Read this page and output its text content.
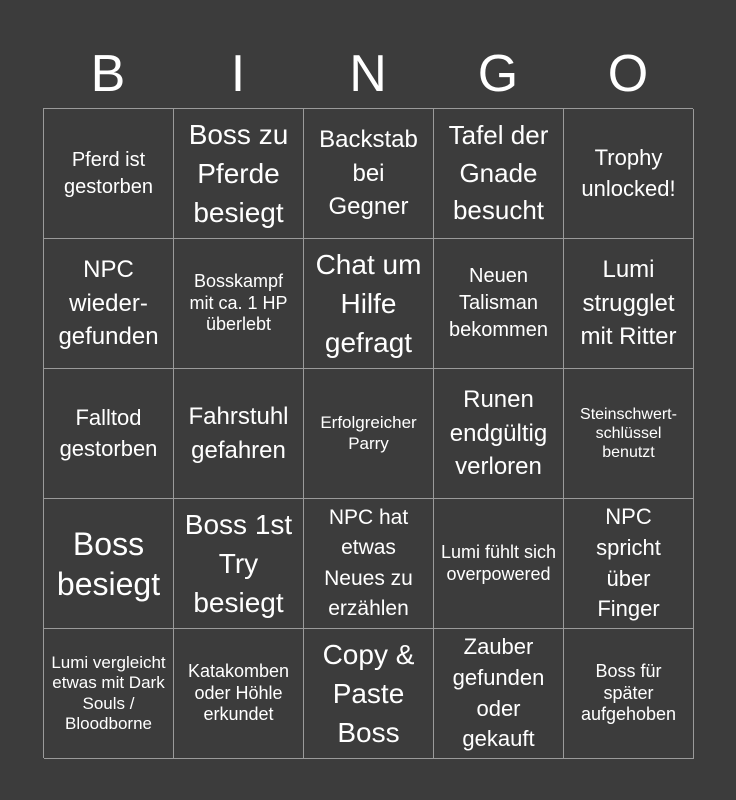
B	I	N	G	O
Pferd ist gestorben
Boss zu Pferde besiegt
Backstab bei Gegner
Tafel der Gnade besucht
Trophy unlocked!
NPC wieder-gefunden
Bosskampf mit ca. 1 HP überlebt
Chat um Hilfe gefragt
Neuen Talisman bekommen
Lumi strugglet mit Ritter
Falltod gestorben
Fahrstuhl gefahren
Erfolgreicher Parry
Runen endgültig verloren
Steinschwert-schlüssel benutzt
Boss besiegt
Boss 1st Try besiegt
NPC hat etwas Neues zu erzählen
Lumi fühlt sich overpowered
NPC spricht über Finger
Lumi vergleicht etwas mit Dark Souls / Bloodborne
Katakomben oder Höhle erkundet
Copy & Paste Boss
Zauber gefunden oder gekauft
Boss für später aufgehoben
